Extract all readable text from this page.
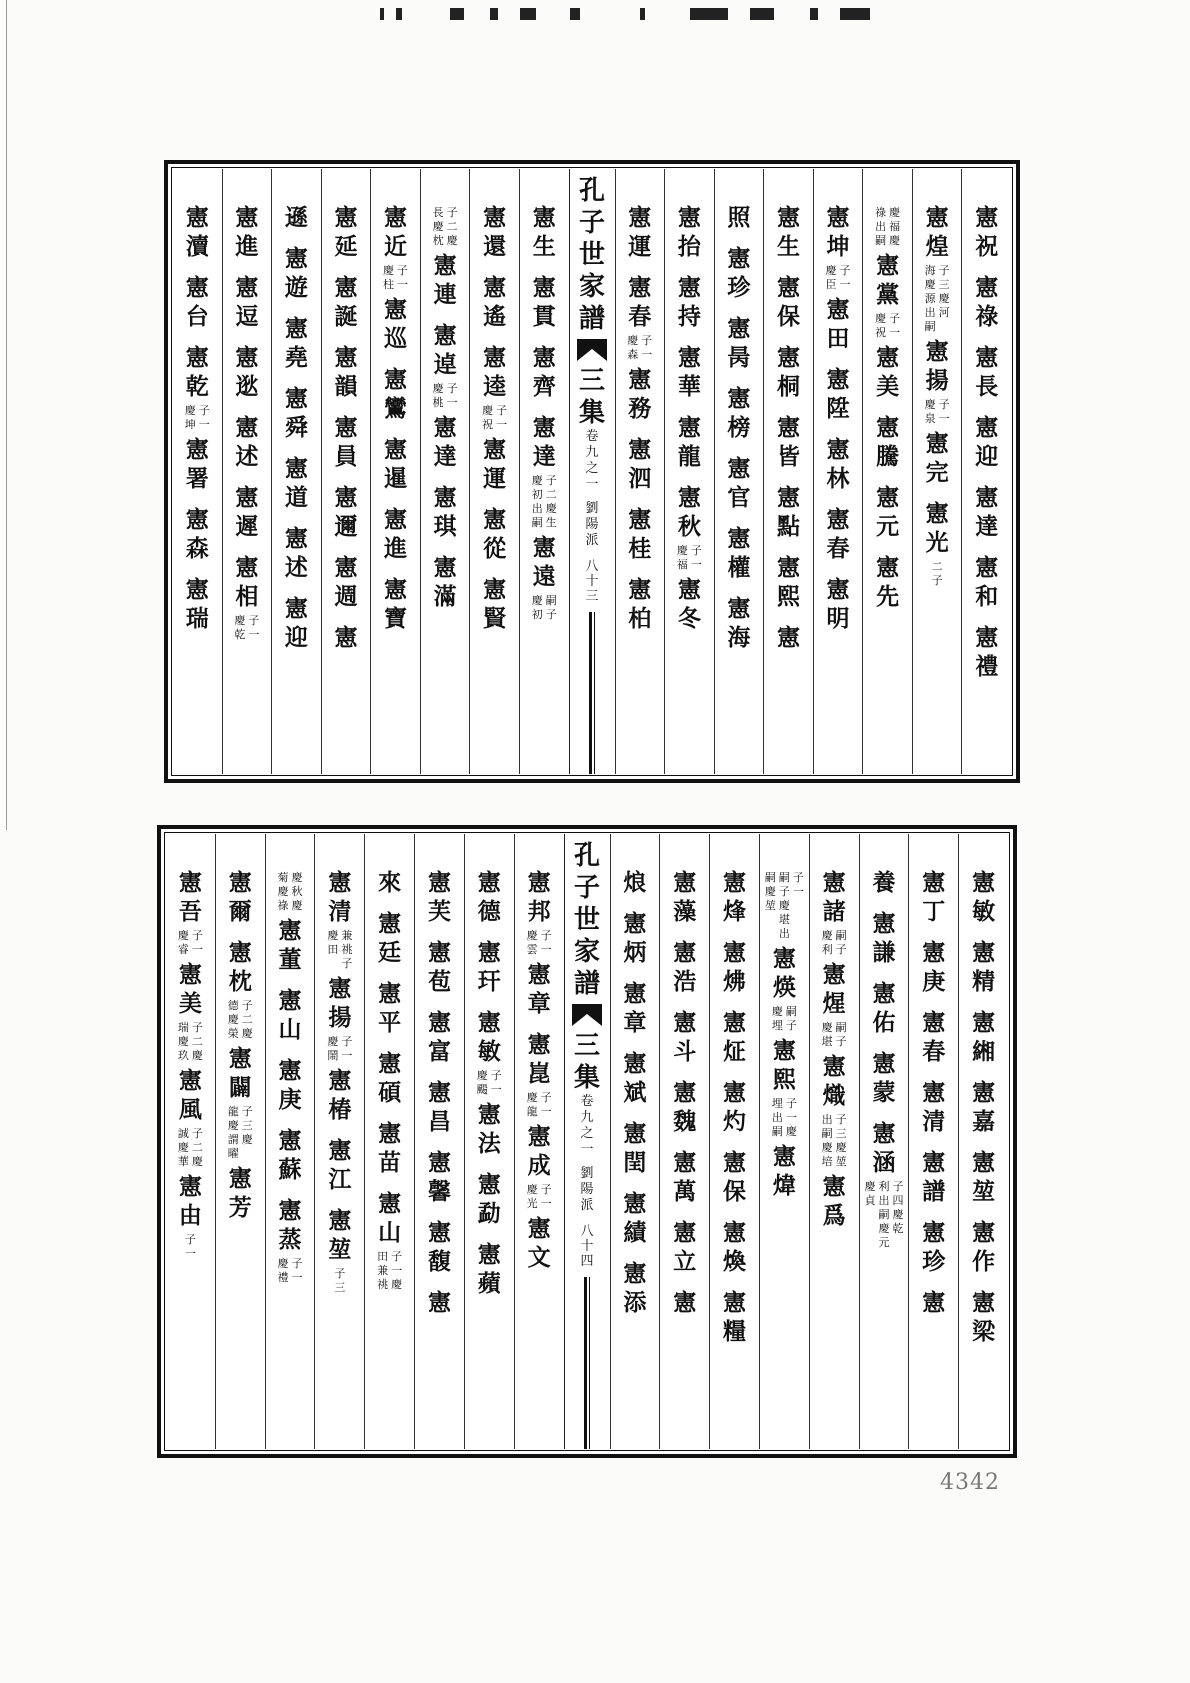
憲
祝
憲
祿
憲
長
憲
迎
憲
達
憲
和
憲
禮
憲
煌
子
三
慶
河
海
慶
源
出
嗣
憲
揚
子
一
慶
泉
憲
完
憲
光
二
子
慶
福
慶
祿
出
嗣
憲
黨
子
一
慶
祝
憲
美
憲
騰
憲
元
憲
先
憲
坤
子
一
慶
臣
憲
田
憲
陞
憲
林
憲
春
憲
明
憲
生
憲
保
憲
桐
憲
皆
憲
點
憲
熙
憲
照
憲
珍
憲
昺
憲
榜
憲
官
憲
權
憲
海
憲
抬
憲
持
憲
華
憲
龍
憲
秋
子
一
慶
福
憲
冬
憲
運
憲
春
子
一
慶
森
憲
務
憲
泗
憲
桂
憲
柏
孔
子
世
家
譜
三
集
卷
九
之
一
劉
陽
派
八
十
三
憲
生
憲
貫
憲
齊
憲
達
子
二
慶
生
慶
初
出
嗣
憲
遠
嗣
子
慶
初
憲
還
憲
遙
憲
逵
子
一
慶
祝
憲
運
憲
從
憲
賢
子
二
慶
長
慶
枕
憲
連
憲
逴
子
一
慶
桃
憲
達
憲
琪
憲
滿
憲
近
子
一
慶
柱
憲
巡
憲
鸞
憲
暹
憲
進
憲
寶
憲
延
憲
誕
憲
韻
憲
員
憲
邇
憲
週
憲
遜
憲
遊
憲
堯
憲
舜
憲
道
憲
述
憲
迎
憲
進
憲
逗
憲
逖
憲
述
憲
遲
憲
相
子
一
慶
乾
憲
瀆
憲
台
憲
乾
子
一
慶
坤
憲
署
憲
森
憲
瑞
憲
敏
憲
精
憲
緗
憲
嘉
憲
堃
憲
作
憲
梁
憲
丁
憲
庚
憲
春
憲
清
憲
譜
憲
珍
憲
養
憲
謙
憲
佑
憲
蒙
憲
涵
子
四
慶
乾
利
出
嗣
慶
元
慶
貞
憲
諸
嗣
子
慶
利
憲
煋
嗣
子
慶
堪
憲
熾
子
三
慶
堃
出
嗣
慶
培
憲
爲
子
一
嗣
子
慶
堪
出
嗣
慶
堃
憲
煐
嗣
子
慶
埋
憲
熙
子
一
慶
埋
出
嗣
憲
煒
憲
烽
憲
炥
憲
炡
憲
灼
憲
保
憲
煥
憲
糧
憲
藻
憲
浩
憲
斗
憲
魏
憲
萬
憲
立
憲
烺
憲
炳
憲
章
憲
斌
憲
閏
憲
績
憲
添
孔
子
世
家
譜
三
集
卷
九
之
一
劉
陽
派
八
十
四
憲
邦
子
一
慶
雲
憲
章
憲
崑
子
一
慶
龍
憲
成
子
一
慶
光
憲
文
憲
德
憲
玕
憲
敏
子
一
慶
颺
憲
法
憲
勐
憲
蘋
憲
芙
憲
苞
憲
富
憲
昌
憲
馨
憲
馥
憲
來
憲
廷
憲
平
憲
碩
憲
苗
憲
山
子
一
慶
田
兼
祧
憲
清
兼
祧
子
慶
田
憲
揚
子
一
慶
鬧
憲
椿
憲
江
憲
堃
子
三
慶
秋
慶
菊
慶
祿
憲
董
憲
山
憲
庚
憲
蘇
憲
蒸
子
一
慶
禮
憲
爾
憲
枕
子
二
慶
德
慶
榮
憲
闢
子
三
慶
龍
慶
謂
曜
憲
芳
憲
吾
子
一
慶
睿
憲
美
子
二
慶
瑞
慶
玖
憲
風
子
二
慶
誠
慶
華
憲
由
子
一
4342
